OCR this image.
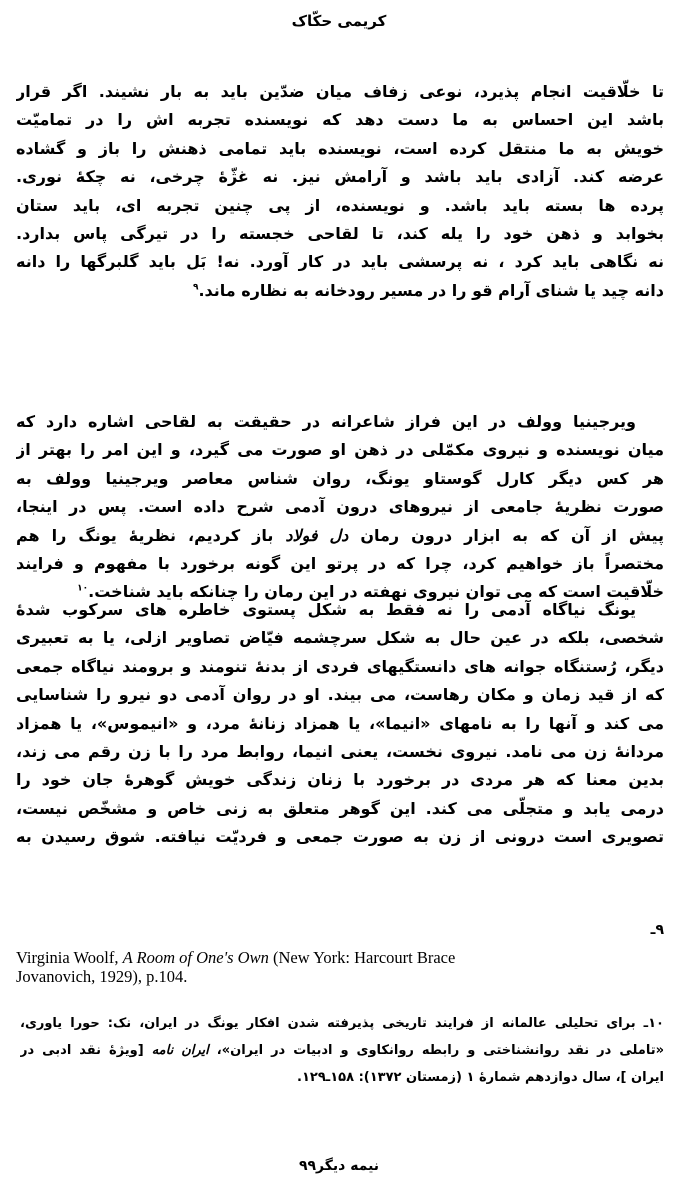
کریمی حکّاک
تا خلّاقیت انجام پذیرد، نوعی زفاف میان ضدّین باید به بار نشیند. اگر قرار
باشد این احساس به ما دست دهد که نویسنده تجربه اش را در تمامیّت
خویش به ما منتقل کرده است، نویسنده باید تمامی ذهنش را باز و گشاده
عرضه کند. آزادی باید باشد و آرامش نیز. نه غژّهٔ چرخی، نه چکهٔ نوری.
پرده ها بسته باید باشد. و نویسنده، از پی چنین تجربه ای، باید ستان
بخوابد و ذهن خود را یله کند، تا لقاحی خجسته را در تیرگی پاس بدارد.
نه نگاهی باید کرد ، نه پرسشی باید در کار آورد. نه! بَل باید گلبرگها را دانه
دانه چید یا شنای آرام قو را در مسیر رودخانه به نظاره ماند.$^۹$
ویرجینیا وولف در این فراز شاعرانه در حقیقت به لقاحی اشاره دارد که
میان نویسنده و نیروی مکمّلی در ذهن او صورت می گیرد، و این امر را بهتر از
هر کس دیگر کارل گوستاو یونگ، روان شناس معاصر ویرجینیا وولف به
صورت نظریهٔ جامعی از نیروهای درون آدمی شرح داده است. پس در اینجا،
پیش از آن که به ابزار درون رمان دل فولاد باز کردیم، نظریهٔ یونگ را هم
مختصراً باز خواهیم کرد، چرا که در پرتو این گونه برخورد با مفهوم و فرایند
خلّاقیت است که می توان نیروی نهفته در این رمان را چنانکه باید شناخت.$^{۱۰}$
یونگ نیاگاه آدمی را نه فقط به شکل پستوی خاطره های سرکوب شدهٔ
شخصی، بلکه در عین حال به شکل سرچشمه فیّاض تصاویر ازلی، یا به تعبیری
دیگر، رُستنگاه جوانه های دانستگیهای فردی از بدنهٔ تنومند و برومند نیاگاه جمعی
که از قید زمان و مکان رهاست، می بیند. او در روان آدمی دو نیرو را شناسایی
می کند و آنها را به نامهای «انیما»، یا همزاد زنانهٔ مرد، و «انیموس»، یا همزاد
مردانهٔ زن می نامد. نیروی نخست، یعنی انیما، روابط مرد را با زن رقم می زند،
بدین معنا که هر مردی در برخورد با زنان زندگی خویش گوهرهٔ جان خود را
درمی یابد و متجلّی می کند. این گوهر متعلق به زنی خاص و مشخّص نیست،
تصویری است درونی از زن به صورت جمعی و فردیّت نیافته. شوق رسیدن به
۹ـ
Virginia Woolf, A Room of One's Own (New York: Harcourt Brace
Jovanovich, 1929), p.104.
۱۰ـ برای تحلیلی عالمانه از فرایند تاریخی پذیرفته شدن افکار یونگ در ایران، نک: حورا یاوری،
«تاملی در نقد روانشناختی و رابطه روانکاوی و ادبیات در ایران»، ایران نامه [ویژهٔ نقد ادبی در
ایران ]، سال دوازدهم شمارهٔ ۱ (زمستان ۱۳۷۲): ۱۵۸ـ۱۲۹.
نیمه دیگر۹۹
